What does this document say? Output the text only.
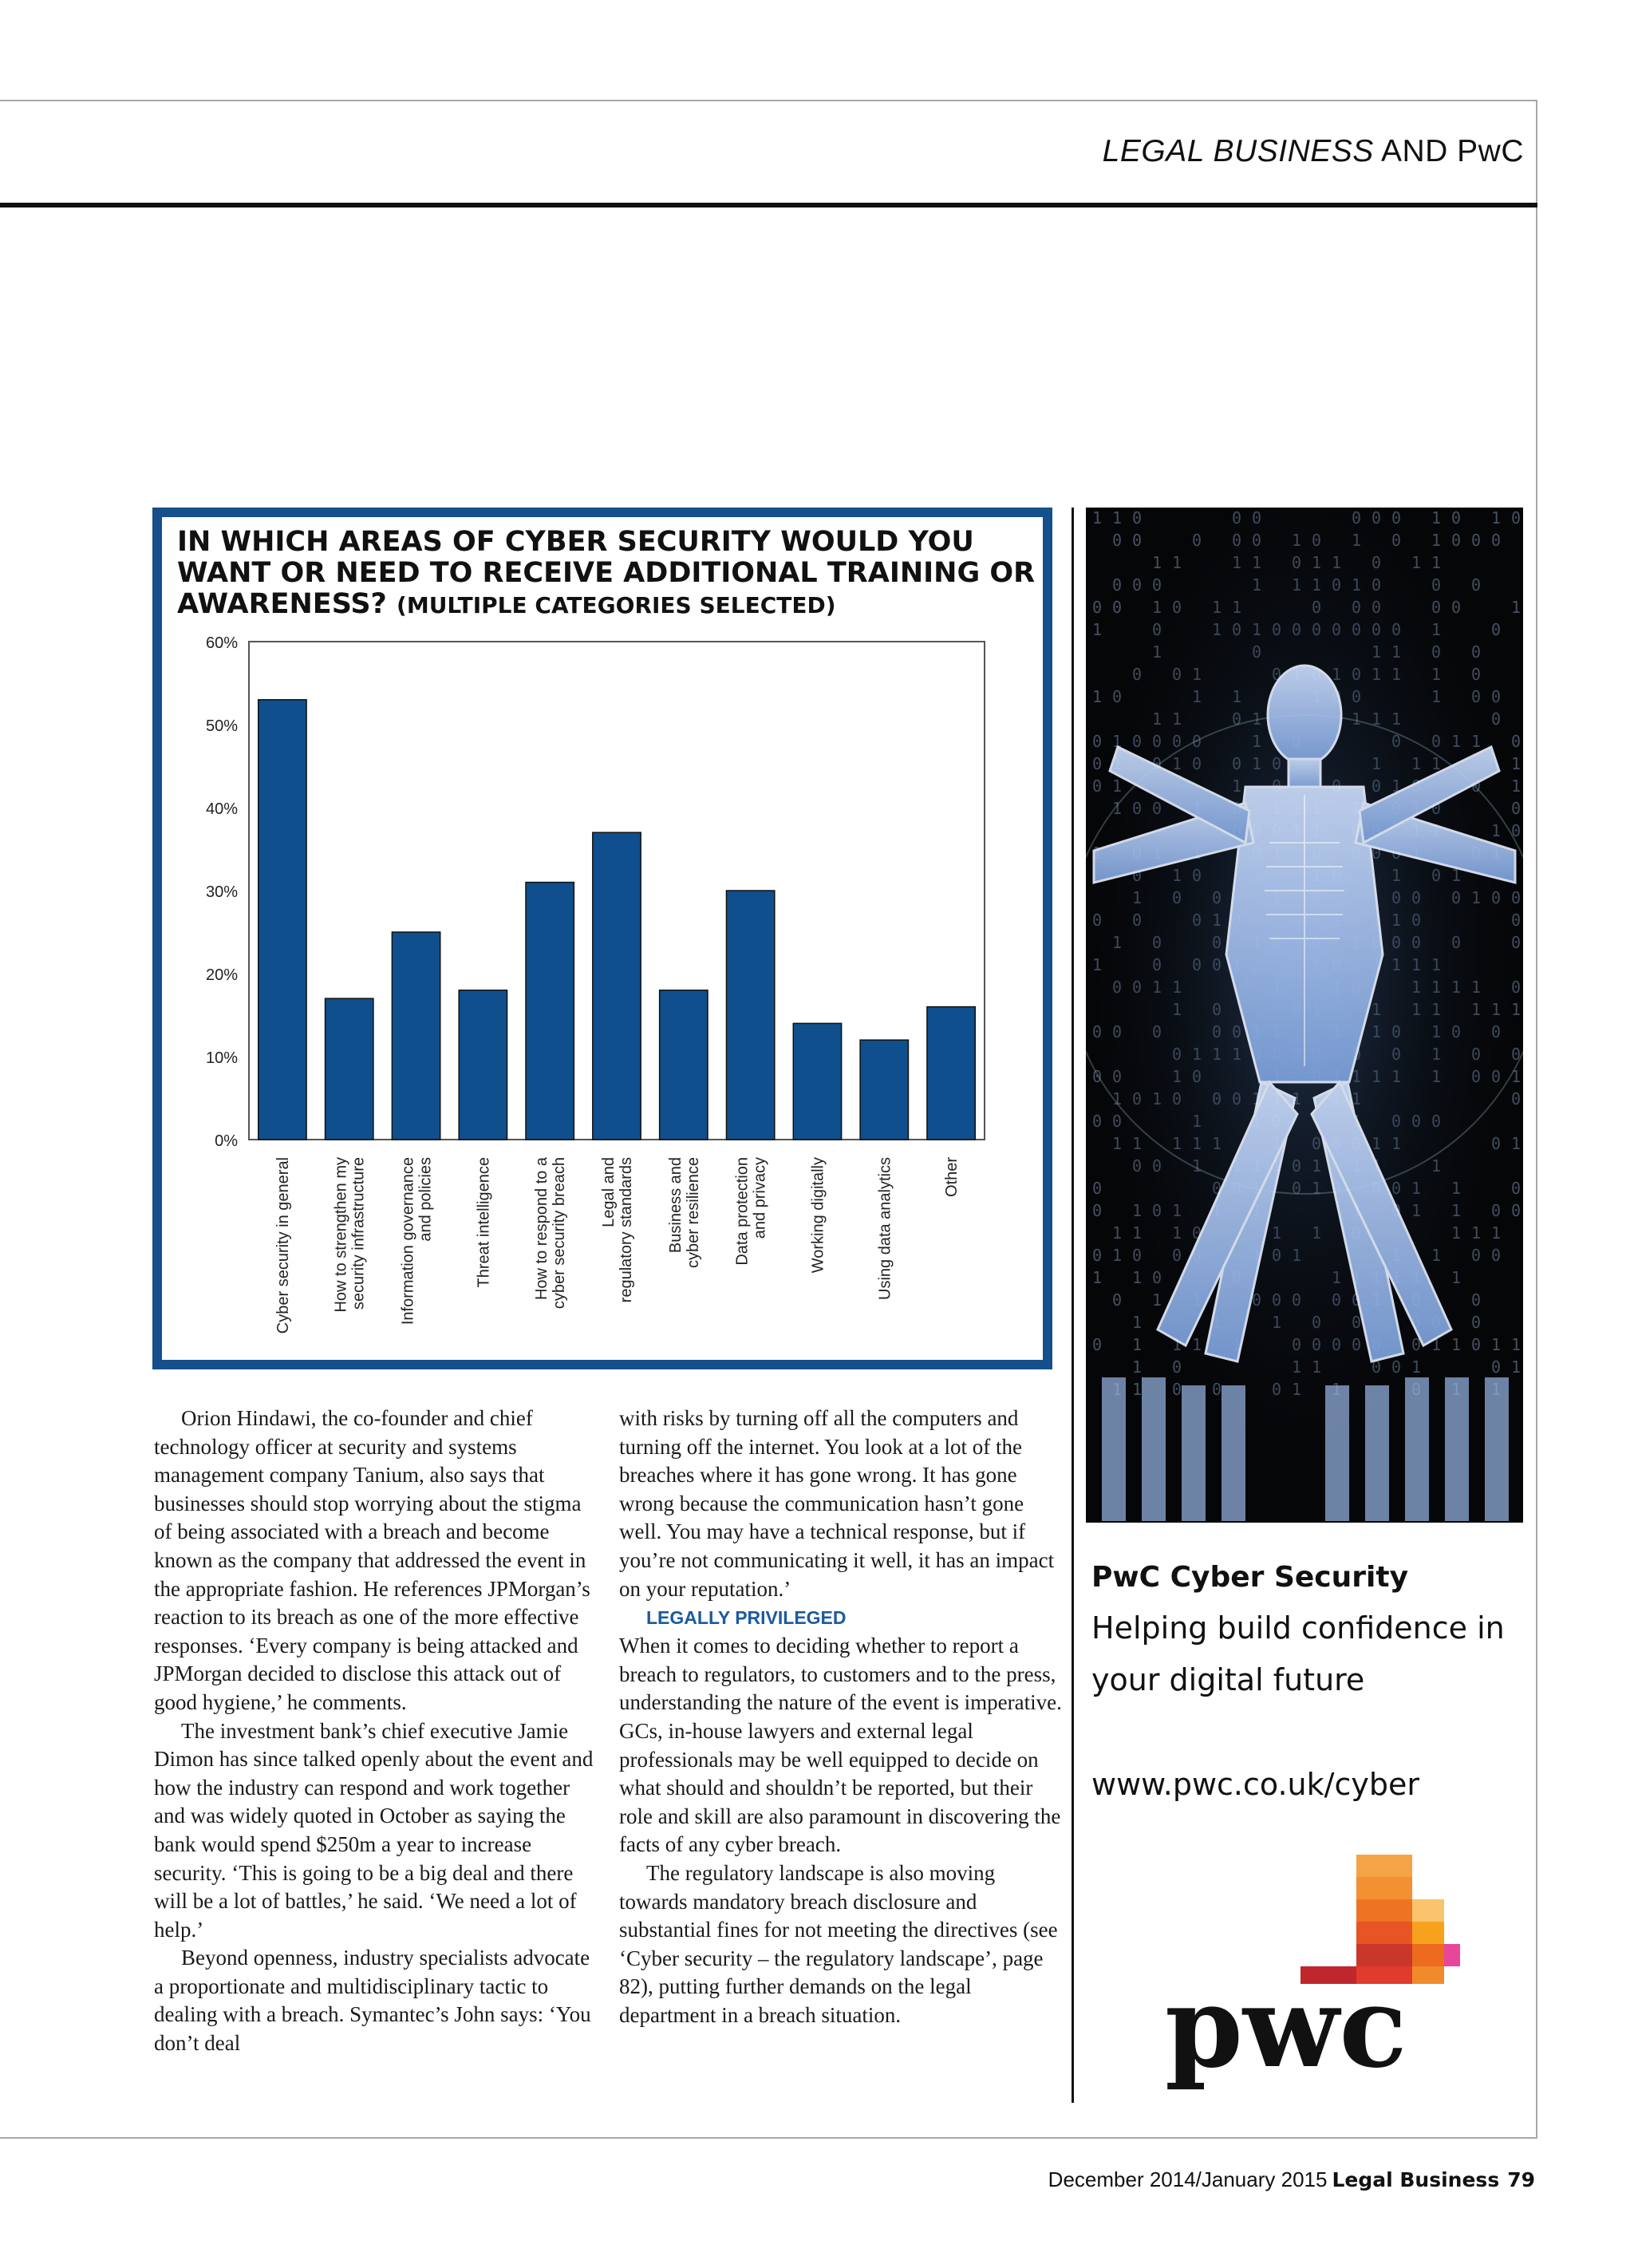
LEGAL BUSINESS AND PwC

IN WHICH AREAS OF CYBER SECURITY WOULD YOU WANT OR NEED TO RECEIVE ADDITIONAL TRAINING OR AWARENESS? (MULTIPLE CATEGORIES SELECTED)
0%
10%
20%
30%
40%
50%
60%
Cyber security in general	How to strengthen my security infrastructure Information governance and policies	Threat intelligence	How to respond to a cyber security breach Legal and regulatory standards Business and cyber resilience Data protection and privacy	Working digitally	Using data analytics	Other

Orion Hindawi, the co-founder and chief technology officer at security and systems management company Tanium, also says that businesses should stop worrying about the stigma of being associated with a breach and become known as the company that addressed the event in the appropriate fashion. He references JPMorgan’s reaction to its breach as one of the more effective responses. ‘Every company is being attacked and JPMorgan decided to disclose this attack out of good hygiene,’ he comments.

The investment bank’s chief executive Jamie Dimon has since talked openly about the event and how the industry can respond and work together and was widely quoted in October as saying the bank would spend $250m a year to increase security. ‘This is going to be a big deal and there will be a lot of battles,’ he said. ‘We need a lot of help.’

Beyond openness, industry specialists advocate a proportionate and multidisciplinary tactic to dealing with a breach. Symantec’s John says: ‘You don’t deal

with risks by turning off all the computers and turning off the internet. You look at a lot of the breaches where it has gone wrong. It has gone wrong because the communication hasn’t gone well. You may have a technical response, but if you’re not communicating it well, it has an impact on your reputation.’

LEGALLY PRIVILEGED

When it comes to deciding whether to report a breach to regulators, to customers and to the press, understanding the nature of the event is imperative. GCs, in-house lawyers and external legal professionals may be well equipped to decide on what should and shouldn’t be reported, but their role and skill are also paramount in discovering the facts of any cyber breach.

The regulatory landscape is also moving towards mandatory breach disclosure and substantial fines for not meeting the directives (see ‘Cyber security – the regulatory landscape’, page 82), putting further demands on the legal department in a breach situation.

PwC Cyber Security

Helping build confidence in

your digital future

www.pwc.co.uk/cyber

pwc

December 2014/January 2015 Legal Business 79
